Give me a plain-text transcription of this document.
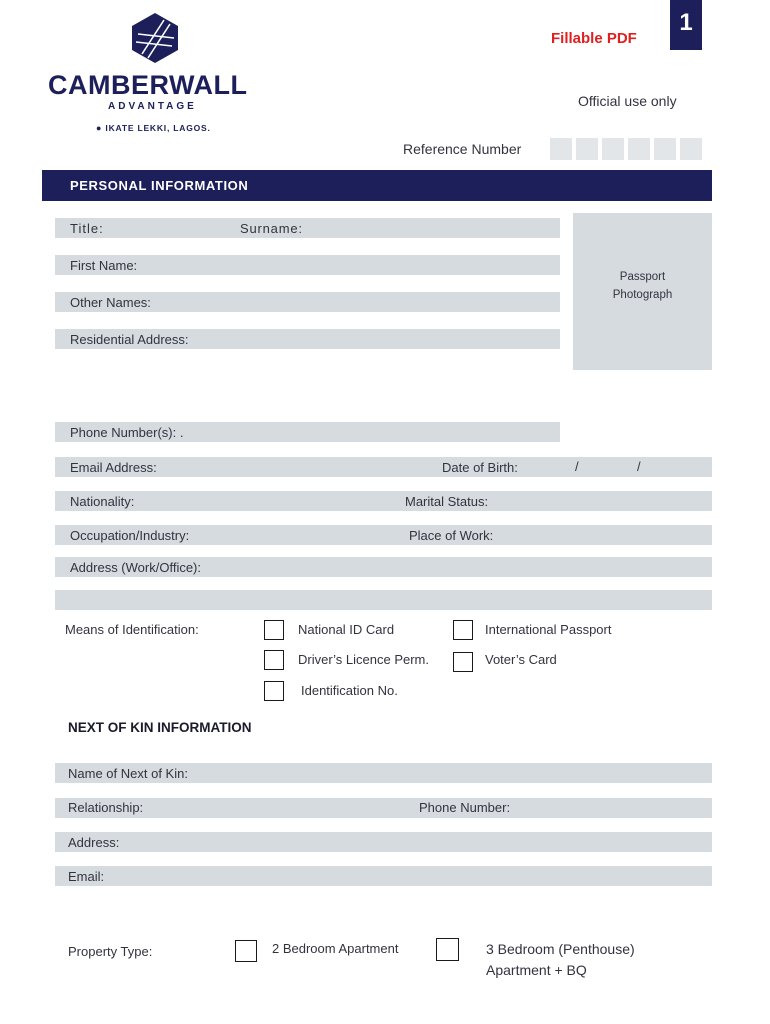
CAMBERWALL
ADVANTAGE
● IKATE LEKKI, LAGOS.
Fillable PDF
1
Official use only
Reference Number
PERSONAL INFORMATION
Title:	Surname:
First Name:
Other Names:
Residential Address:
Passport
Photograph
Phone Number(s): .
Email Address:	Date of Birth:	/	/
Nationality:	Marital Status:
Occupation/Industry:	Place of Work:
Address (Work/Office):
Means of Identification:	National ID Card	International Passport
Driver’s Licence Perm.	Voter’s Card
Identification No.
NEXT OF KIN INFORMATION
Name of Next of Kin:
Relationship:	Phone Number:
Address:
Email:
Property Type:	2 Bedroom Apartment	3 Bedroom (Penthouse)
Apartment + BQ
